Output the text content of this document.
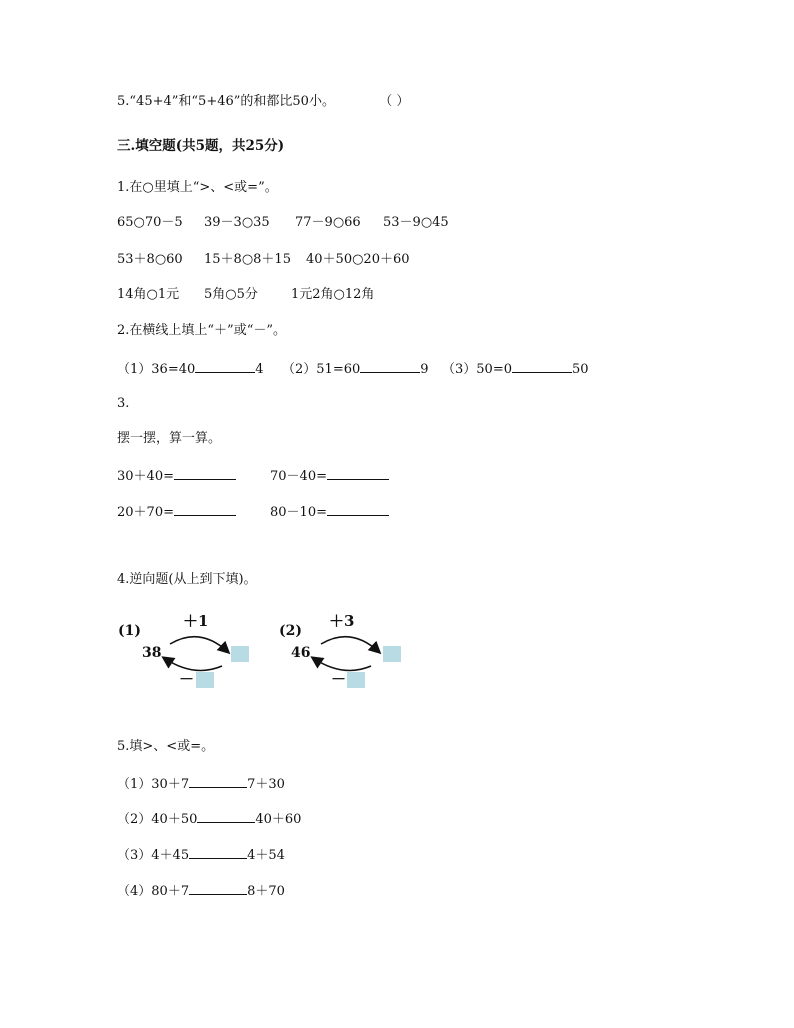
5.“45+4”和“5+46”的和都比50小。	（ ）
三.填空题(共5题，共25分)
1.在○里填上“>、<或=”。
65○70－5 39－3○35 77－9○66 53－9○45
53＋8○60 15＋8○8＋15 40＋50○20＋60
14角○1元 5角○5分	1元2角○12角
2.在横线上填上“＋”或“－”。
（1）36=40	4 （2）51=60	9 （3）50=0	50
3.
摆一摆，算一算。
30＋40=	70－40=
20＋70=	80－10=
4.逆向题(从上到下填)。
(1)
＋1
38
－
(2)
＋3
46
－
5.填>、<或=。
（1）30＋7	7＋30
（2）40＋50	40＋60
（3）4＋45	4＋54
（4）80＋7	8＋70
